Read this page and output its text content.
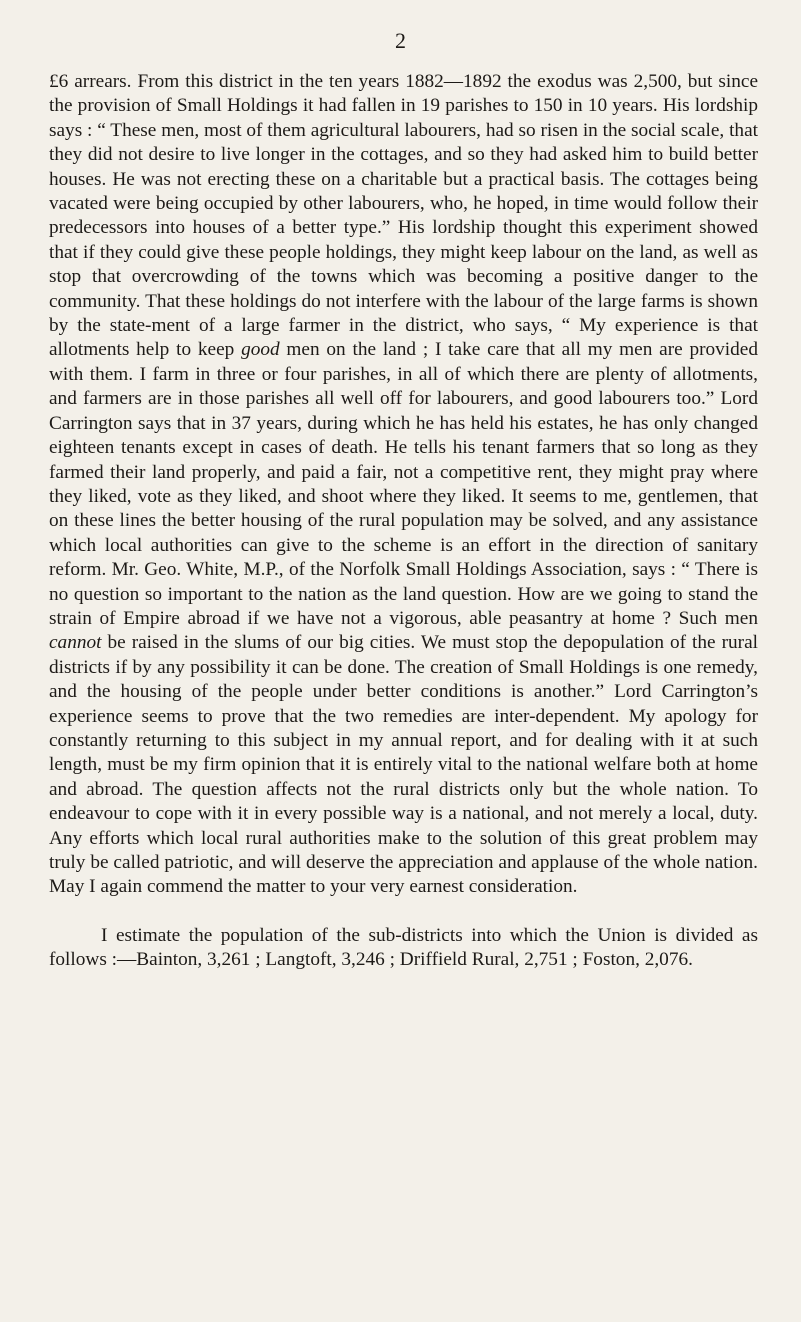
2

£6 arrears. From this district in the ten years 1882—1892 the exodus was 2,500, but since the provision of Small Holdings it had fallen in 19 parishes to 150 in 10 years. His lordship says : “ These men, most of them agricultural labourers, had so risen in the social scale, that they did not desire to live longer in the cottages, and so they had asked him to build better houses. He was not erecting these on a charitable but a practical basis. The cottages being vacated were being occupied by other labourers, who, he hoped, in time would follow their predecessors into houses of a better type.” His lordship thought this experiment showed that if they could give these people holdings, they might keep labour on the land, as well as stop that overcrowding of the towns which was becoming a positive danger to the community. That these holdings do not interfere with the labour of the large farms is shown by the state-ment of a large farmer in the district, who says, “ My experience is that allotments help to keep good men on the land ; I take care that all my men are provided with them. I farm in three or four parishes, in all of which there are plenty of allotments, and farmers are in those parishes all well off for labourers, and good labourers too.” Lord Carrington says that in 37 years, during which he has held his estates, he has only changed eighteen tenants except in cases of death. He tells his tenant farmers that so long as they farmed their land properly, and paid a fair, not a competitive rent, they might pray where they liked, vote as they liked, and shoot where they liked. It seems to me, gentlemen, that on these lines the better housing of the rural population may be solved, and any assistance which local authorities can give to the scheme is an effort in the direction of sanitary reform. Mr. Geo. White, M.P., of the Norfolk Small Holdings Association, says : “ There is no question so important to the nation as the land question. How are we going to stand the strain of Empire abroad if we have not a vigorous, able peasantry at home ? Such men cannot be raised in the slums of our big cities. We must stop the depopulation of the rural districts if by any possibility it can be done. The creation of Small Holdings is one remedy, and the housing of the people under better conditions is another.” Lord Carrington’s experience seems to prove that the two remedies are inter-dependent. My apology for constantly returning to this subject in my annual report, and for dealing with it at such length, must be my firm opinion that it is entirely vital to the national welfare both at home and abroad. The question affects not the rural districts only but the whole nation. To endeavour to cope with it in every possible way is a national, and not merely a local, duty. Any efforts which local rural authorities make to the solution of this great problem may truly be called patriotic, and will deserve the appreciation and applause of the whole nation. May I again commend the matter to your very earnest consideration.

I estimate the population of the sub-districts into which the Union is divided as follows :—Bainton, 3,261 ; Langtoft, 3,246 ; Driffield Rural, 2,751 ; Foston, 2,076.
